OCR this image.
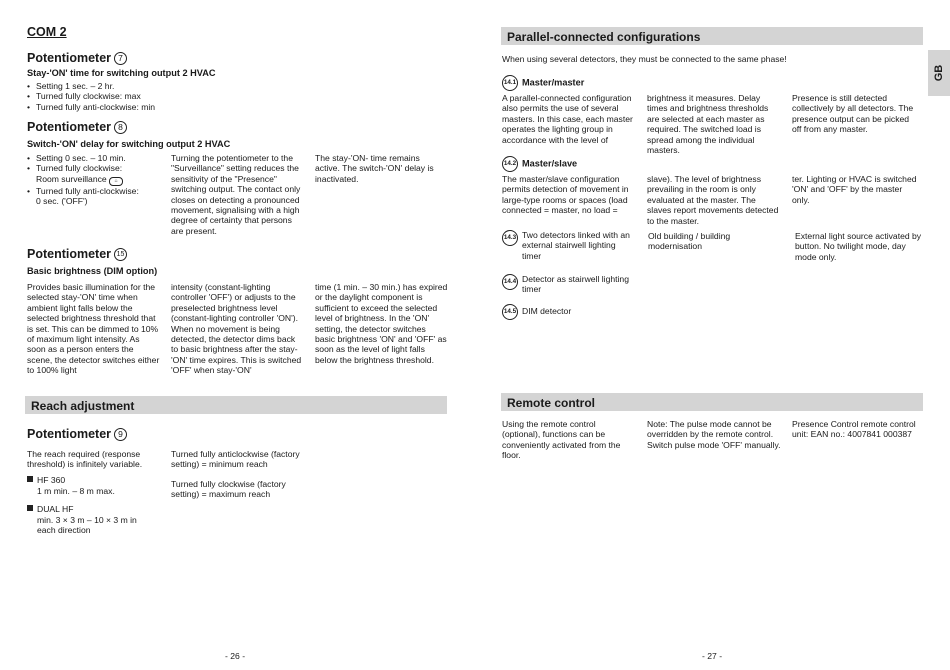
COM 2
Potentiometer 7
Stay-'ON' time for switching output 2 HVAC
• Setting 1 sec. – 2 hr.
• Turned fully clockwise: max
• Turned fully anti-clockwise: min
Potentiometer 8
Switch-'ON' delay for switching output 2 HVAC
• Setting 0 sec. – 10 min.
• Turned fully clockwise:
Room surveillance ⌂
• Turned fully anti-clockwise:
0 sec. ('OFF')
Turning the potentiometer to the "Surveillance" setting reduces the sensitivity of the "Presence" switching output. The contact only closes on detecting a pronounced movement, signalising with a high degree of certainty that persons are present.
The stay-'ON- time remains active. The switch-'ON' delay is inactivated.
Potentiometer 15
Basic brightness (DIM option)
Provides basic illumination for the selected stay-'ON' time when ambient light falls below the selected brightness threshold that is set. This can be dimmed to 10% of maximum light intensity. As soon as a person enters the scene, the detector switches either to 100% light
intensity (constant-lighting controller 'OFF') or adjusts to the preselected brightness level (constant-lighting controller 'ON'). When no movement is being detected, the detector dims back to basic brightness after the stay-'ON' time expires. This is switched 'OFF' when stay-'ON'
time (1 min. – 30 min.) has expired or the daylight component is sufficient to exceed the selected level of brightness. In the 'ON' setting, the detector switches basic brightness 'ON' and 'OFF' as soon as the level of light falls below the brightness threshold.
Reach adjustment
Potentiometer 9
The reach required (response threshold) is infinitely variable.
HF 360
1 m min. – 8 m max.
DUAL HF
min. 3 × 3 m – 10 × 3 m in each direction
Turned fully anticlockwise (factory setting) = minimum reach
Turned fully clockwise (factory setting) = maximum reach
- 26 -
Parallel-connected configurations
When using several detectors, they must be connected to the same phase!
14.1 Master/master
A parallel-connected configuration also permits the use of several masters. In this case, each master operates the lighting group in accordance with the level of
brightness it measures. Delay times and brightness thresholds are selected at each master as required. The switched load is spread among the individual masters.
Presence is still detected collectively by all detectors. The presence output can be picked off from any master.
14.2 Master/slave
The master/slave configuration permits detection of movement in large-type rooms or spaces (load connected = master, no load =
slave). The level of brightness prevailing in the room is only evaluated at the master. The slaves report movements detected to the master.
ter. Lighting or HVAC is switched 'ON' and 'OFF' by the master only.
14.3 Two detectors linked with an external stairwell lighting timer
14.4 Detector as stairwell lighting timer
14.5 DIM detector
Old building / building modernisation
External light source activated by button. No twilight mode, day mode only.
Remote control
Using the remote control (optional), functions can be conveniently activated from the floor.
Note: The pulse mode cannot be overridden by the remote control. Switch pulse mode 'OFF' manually.
Presence Control remote control unit: EAN no.: 4007841 000387
GB
- 27 -
